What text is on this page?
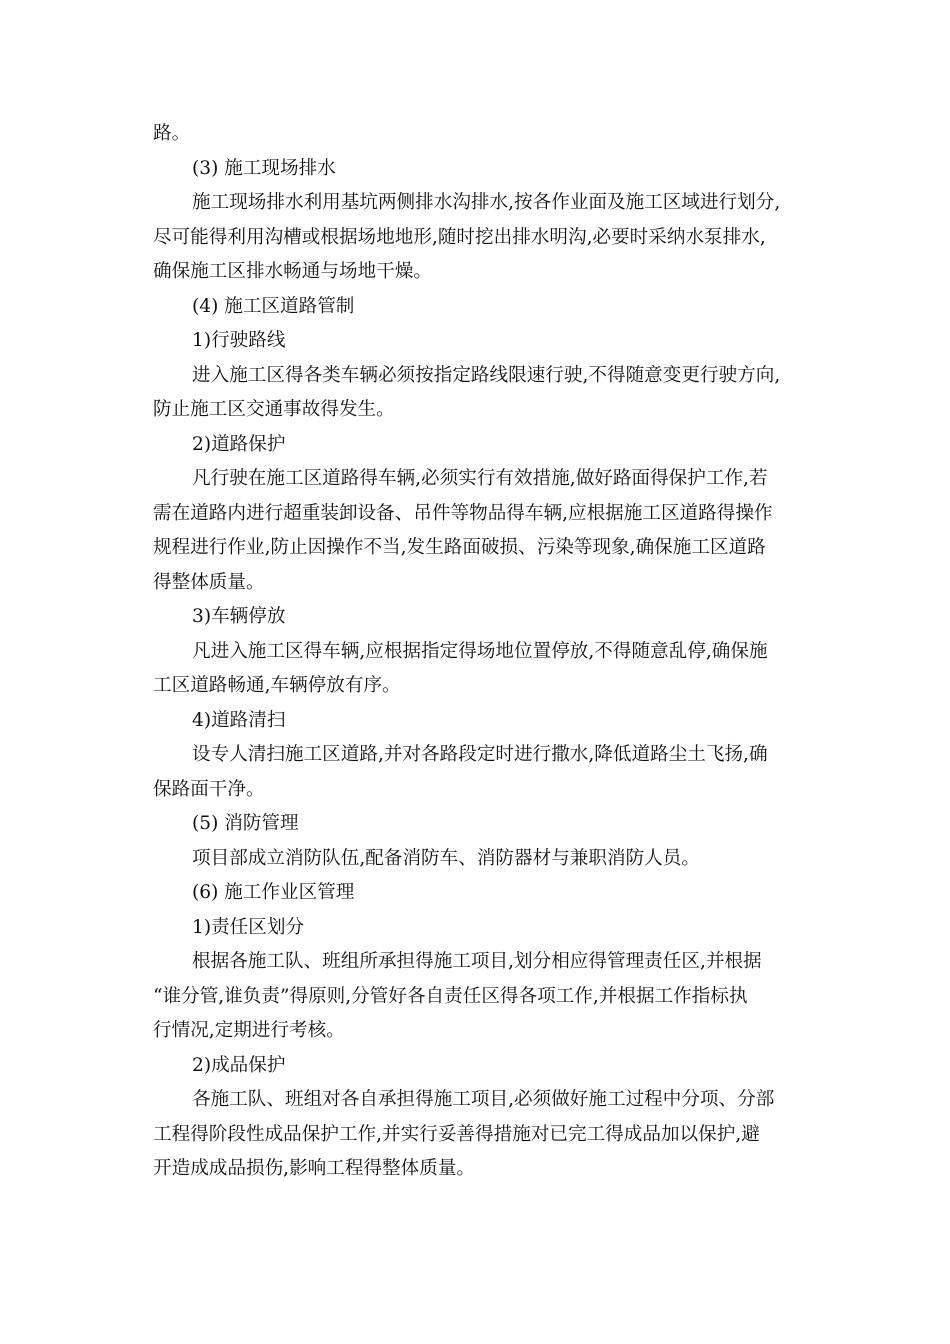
路。
(3) 施工现场排水
施工现场排水利用基坑两侧排水沟排水,按各作业面及施工区域进行划分,
尽可能得利用沟槽或根据场地地形,随时挖出排水明沟,必要时采纳水泵排水,
确保施工区排水畅通与场地干燥。
(4) 施工区道路管制
1)行驶路线
进入施工区得各类车辆必须按指定路线限速行驶,不得随意变更行驶方向,
防止施工区交通事故得发生。
2)道路保护
凡行驶在施工区道路得车辆,必须实行有效措施,做好路面得保护工作,若
需在道路内进行超重装卸设备、吊件等物品得车辆,应根据施工区道路得操作
规程进行作业,防止因操作不当,发生路面破损、污染等现象,确保施工区道路
得整体质量。
3)车辆停放
凡进入施工区得车辆,应根据指定得场地位置停放,不得随意乱停,确保施
工区道路畅通,车辆停放有序。
4)道路清扫
设专人清扫施工区道路,并对各路段定时进行撒水,降低道路尘土飞扬,确
保路面干净。
(5) 消防管理
项目部成立消防队伍,配备消防车、消防器材与兼职消防人员。
(6) 施工作业区管理
1)责任区划分
根据各施工队、班组所承担得施工项目,划分相应得管理责任区,并根据
“谁分管,谁负责”得原则,分管好各自责任区得各项工作,并根据工作指标执
行情况,定期进行考核。
2)成品保护
各施工队、班组对各自承担得施工项目,必须做好施工过程中分项、分部
工程得阶段性成品保护工作,并实行妥善得措施对已完工得成品加以保护,避
开造成成品损伤,影响工程得整体质量。
